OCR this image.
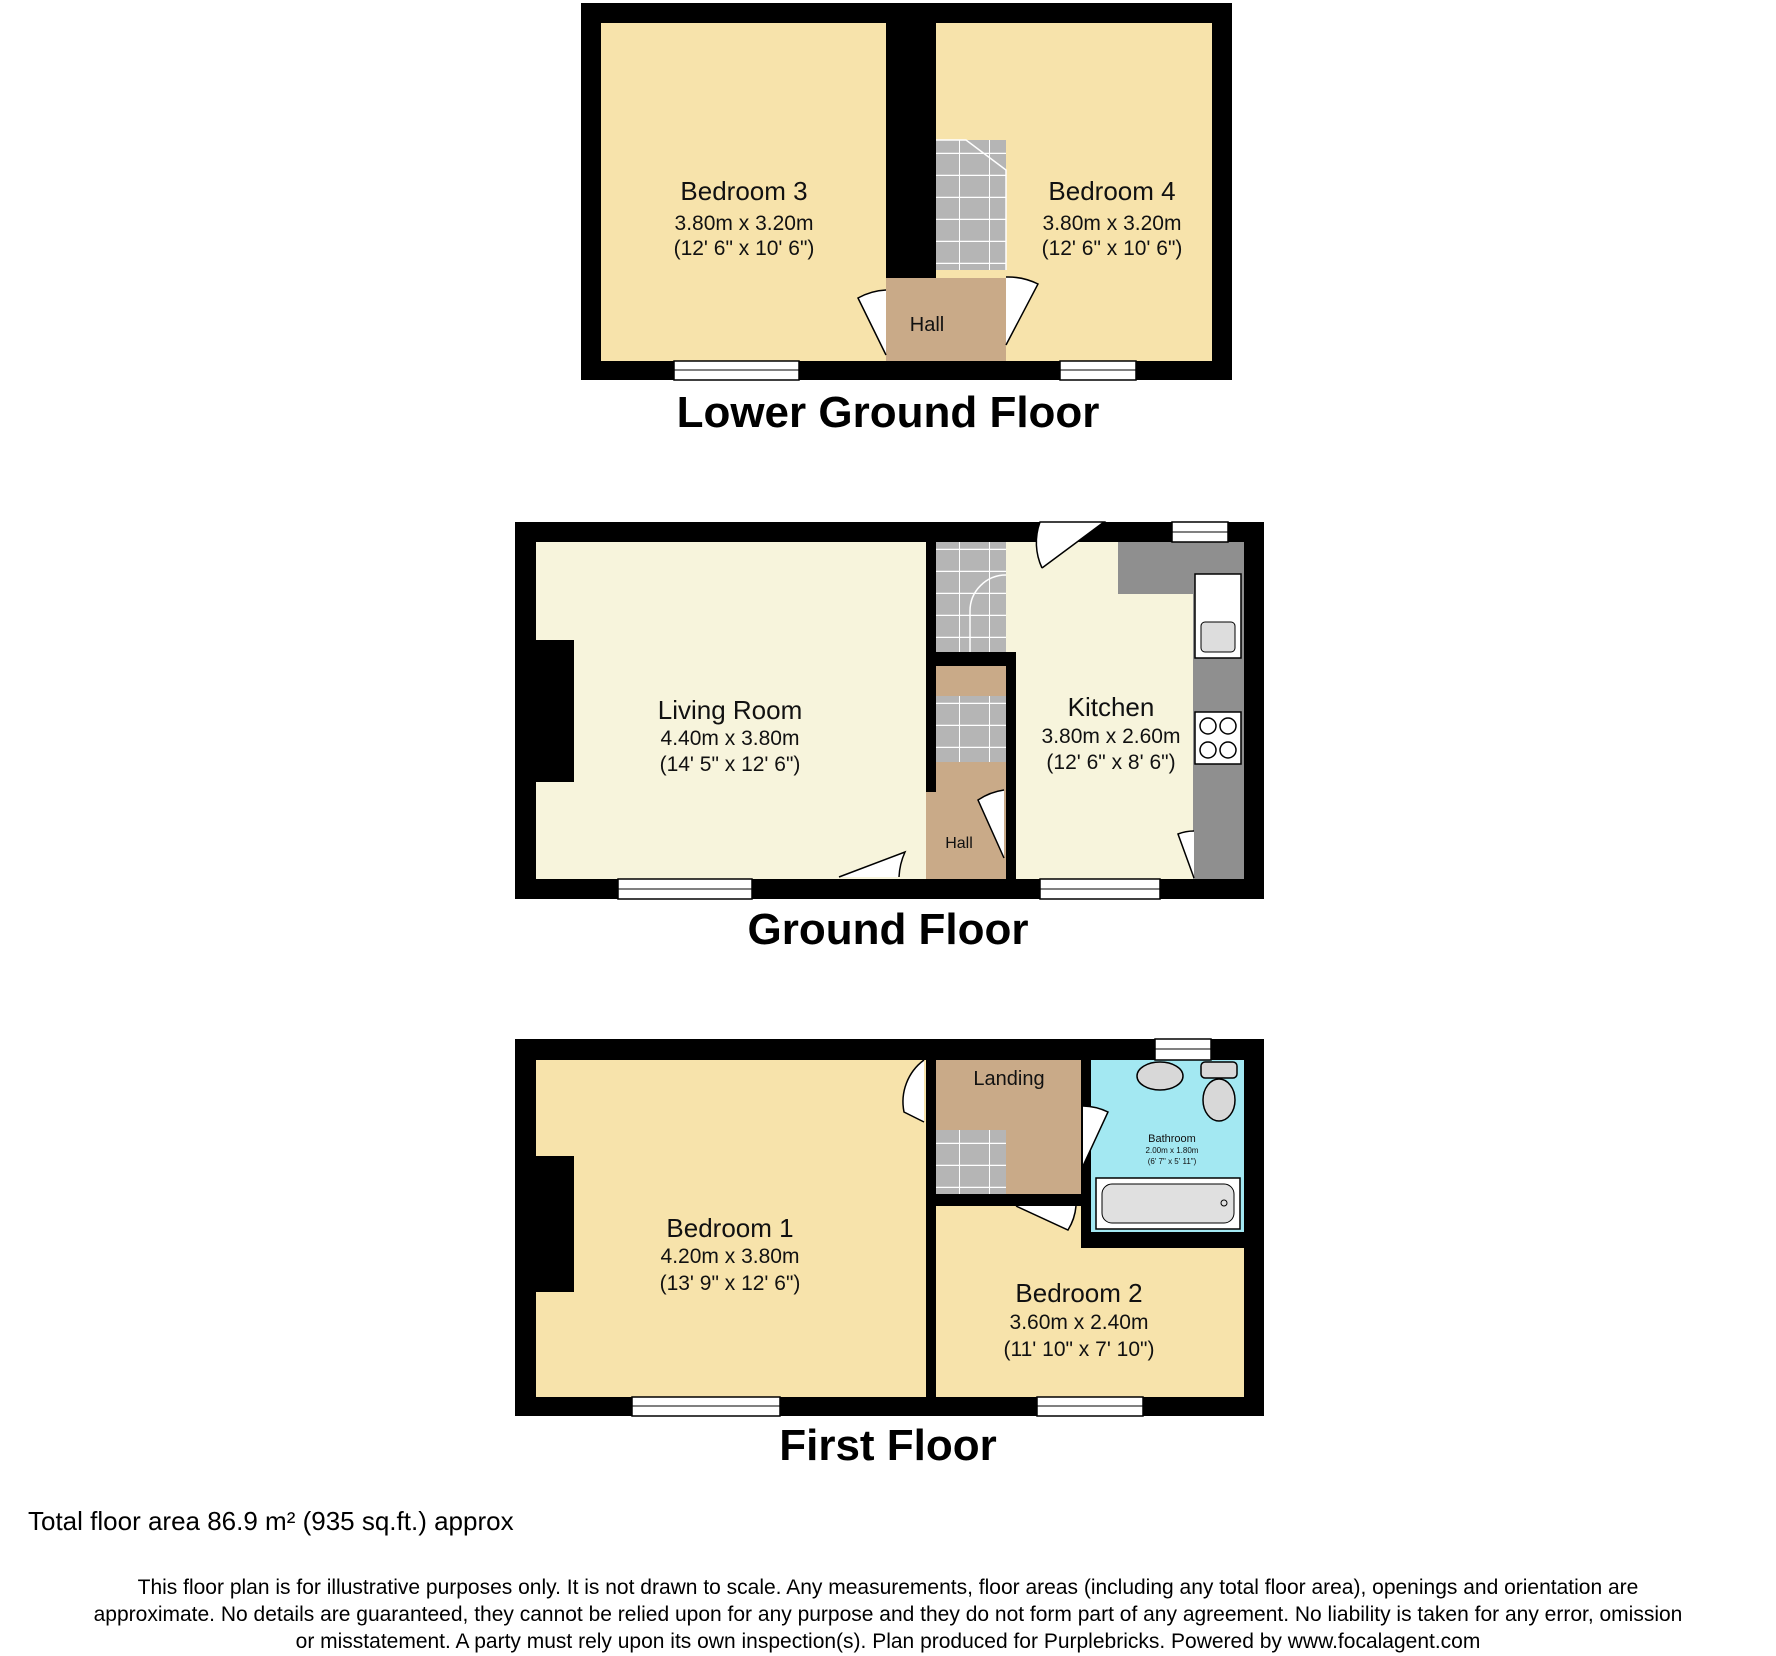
Bedroom 3
3.80m x 3.20m
(12' 6" x 10' 6")
Bedroom 4
3.80m x 3.20m
(12' 6" x 10' 6")
Hall
Lower Ground Floor
Living Room
4.40m x 3.80m
(14' 5" x 12' 6")
Kitchen
3.80m x 2.60m
(12' 6" x 8' 6")
Hall
Ground Floor
Bedroom 1
4.20m x 3.80m
(13' 9" x 12' 6")	Bedroom 2
3.60m x 2.40m
(11' 10" x 7' 10")
Bathroom
2.00m x 1.80m
(6' 7" x 5' 11")
Landing
First Floor
Total floor area 86.9 m² (935 sq.ft.) approx
This floor plan is for illustrative purposes only. It is not drawn to scale. Any measurements, floor areas (including any total floor area), openings and orientation are
approximate. No details are guaranteed, they cannot be relied upon for any purpose and they do not form part of any agreement. No liability is taken for any error, omission
or misstatement. A party must rely upon its own inspection(s). Plan produced for Purplebricks. Powered by www.focalagent.com
